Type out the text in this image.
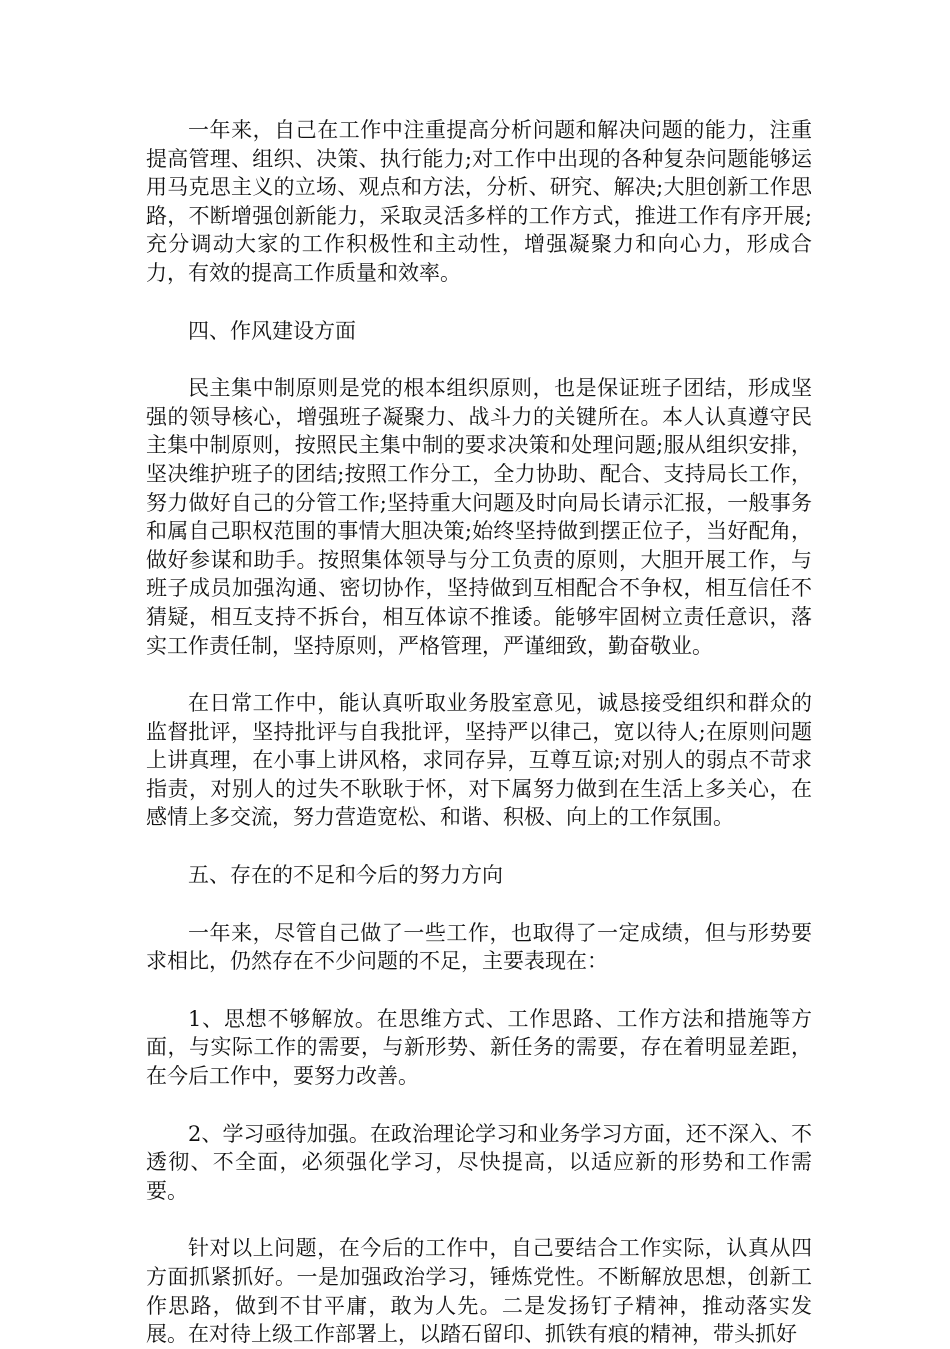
一年来，自己在工作中注重提高分析问题和解决问题的能力，注重提高管理、组织、决策、执行能力;对工作中出现的各种复杂问题能够运用马克思主义的立场、观点和方法，分析、研究、解决;大胆创新工作思路，不断增强创新能力，采取灵活多样的工作方式，推进工作有序开展;充分调动大家的工作积极性和主动性，增强凝聚力和向心力，形成合力，有效的提高工作质量和效率。

四、作风建设方面

民主集中制原则是党的根本组织原则，也是保证班子团结，形成坚强的领导核心，增强班子凝聚力、战斗力的关键所在。本人认真遵守民主集中制原则，按照民主集中制的要求决策和处理问题;服从组织安排，坚决维护班子的团结;按照工作分工，全力协助、配合、支持局长工作，努力做好自己的分管工作;坚持重大问题及时向局长请示汇报，一般事务和属自己职权范围的事情大胆决策;始终坚持做到摆正位子，当好配角，做好参谋和助手。按照集体领导与分工负责的原则，大胆开展工作，与班子成员加强沟通、密切协作，坚持做到互相配合不争权，相互信任不猜疑，相互支持不拆台，相互体谅不推诿。能够牢固树立责任意识，落实工作责任制，坚持原则，严格管理，严谨细致，勤奋敬业。

在日常工作中，能认真听取业务股室意见，诚恳接受组织和群众的监督批评，坚持批评与自我批评，坚持严以律己，宽以待人;在原则问题上讲真理，在小事上讲风格，求同存异，互尊互谅;对别人的弱点不苛求指责，对别人的过失不耿耿于怀，对下属努力做到在生活上多关心，在感情上多交流，努力营造宽松、和谐、积极、向上的工作氛围。

五、存在的不足和今后的努力方向

一年来，尽管自己做了一些工作，也取得了一定成绩，但与形势要求相比，仍然存在不少问题的不足，主要表现在：

1、思想不够解放。在思维方式、工作思路、工作方法和措施等方面，与实际工作的需要，与新形势、新任务的需要，存在着明显差距，在今后工作中，要努力改善。

2、学习亟待加强。在政治理论学习和业务学习方面，还不深入、不透彻、不全面，必须强化学习，尽快提高，以适应新的形势和工作需要。

针对以上问题，在今后的工作中，自己要结合工作实际，认真从四方面抓紧抓好。一是加强政治学习，锤炼党性。不断解放思想，创新工作思路，做到不甘平庸，敢为人先。二是发扬钉子精神，推动落实发展。在对待上级工作部署上，以踏石留印、抓铁有痕的精神，带头抓好
